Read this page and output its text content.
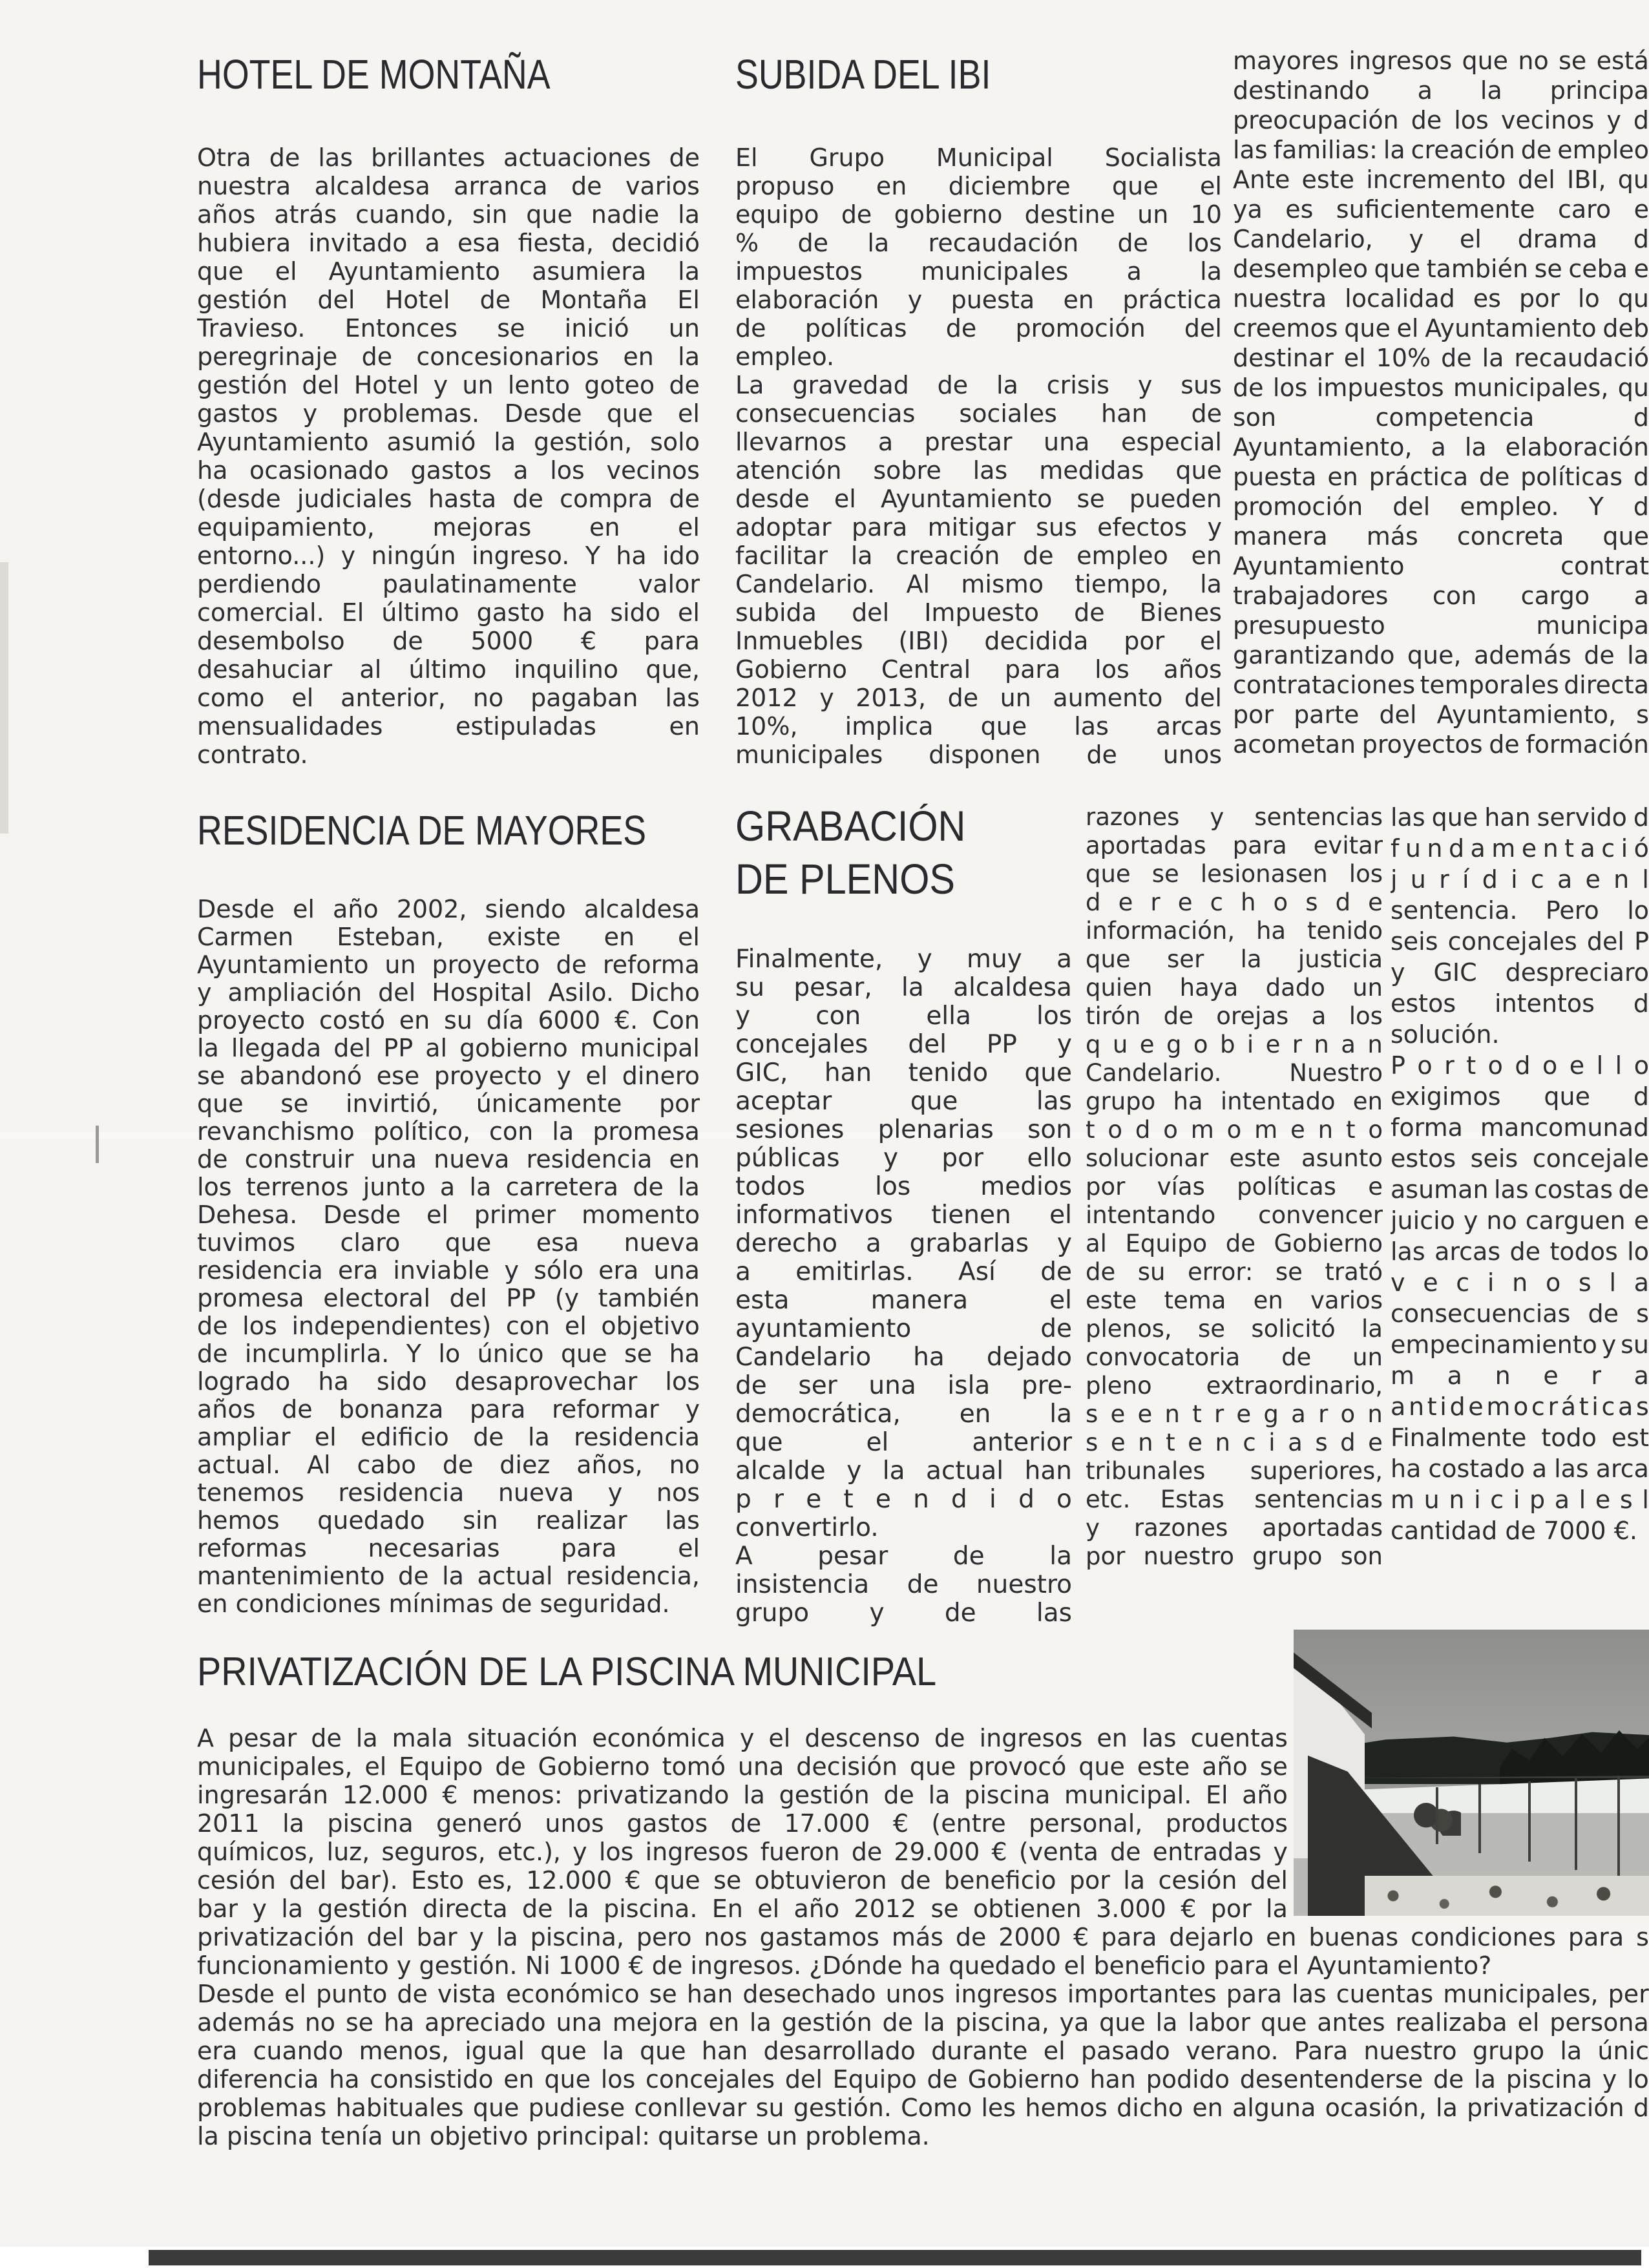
HOTEL DE MONTAÑA
Otra de las brillantes actuaciones de
nuestra alcaldesa arranca de varios
años atrás cuando, sin que nadie la
hubiera invitado a esa fiesta, decidió
que el Ayuntamiento asumiera la
gestión del Hotel de Montaña El
Travieso. Entonces se inició un
peregrinaje de concesionarios en la
gestión del Hotel y un lento goteo de
gastos y problemas. Desde que el
Ayuntamiento asumió la gestión, solo
ha ocasionado gastos a los vecinos
(desde judiciales hasta de compra de
equipamiento, mejoras en el
entorno...) y ningún ingreso. Y ha ido
perdiendo paulatinamente valor
comercial. El último gasto ha sido el
desembolso de 5000 € para
desahuciar al último inquilino que,
como el anterior, no pagaban las
mensualidades	estipuladas	en
contrato.
SUBIDA DEL IBI
El Grupo Municipal Socialista
propuso en diciembre que el
equipo de gobierno destine un 10
% de la recaudación de los
impuestos municipales a la
elaboración y puesta en práctica
de políticas de promoción del
empleo.
La gravedad de la crisis y sus
consecuencias sociales han de
llevarnos a prestar una especial
atención sobre las medidas que
desde el Ayuntamiento se pueden
adoptar para mitigar sus efectos y
facilitar la creación de empleo en
Candelario. Al mismo tiempo, la
subida del Impuesto de Bienes
Inmuebles (IBI) decidida por el
Gobierno Central para los años
2012 y 2013, de un aumento del
10%, implica que las arcas
municipales disponen de unos
mayores ingresos que no se está
destinando a la principa
preocupación de los vecinos y d
las familias: la creación de empleo
Ante este incremento del IBI, qu
ya es suficientemente caro e
Candelario, y el drama d
desempleo que también se ceba e
nuestra localidad es por lo qu
creemos que el Ayuntamiento deb
destinar el 10% de la recaudació
de los impuestos municipales, qu
son	competencia	d
Ayuntamiento, a la elaboración
puesta en práctica de políticas d
promoción del empleo. Y d
manera más concreta que
Ayuntamiento	contrat
trabajadores con cargo a
presupuesto	municipa
garantizando que, además de la
contrataciones temporales directa
por parte del Ayuntamiento, s
acometan proyectos de formación
RESIDENCIA DE MAYORES
Desde el año 2002, siendo alcaldesa
Carmen Esteban, existe en el
Ayuntamiento un proyecto de reforma
y ampliación del Hospital Asilo. Dicho
proyecto costó en su día 6000 €. Con
la llegada del PP al gobierno municipal
se abandonó ese proyecto y el dinero
que se invirtió, únicamente por
revanchismo político, con la promesa
de construir una nueva residencia en
los terrenos junto a la carretera de la
Dehesa. Desde el primer momento
tuvimos claro que esa nueva
residencia era inviable y sólo era una
promesa electoral del PP (y también
de los independientes) con el objetivo
de incumplirla. Y lo único que se ha
logrado ha sido desaprovechar los
años de bonanza para reformar y
ampliar el edificio de la residencia
actual. Al cabo de diez años, no
tenemos residencia nueva y nos
hemos quedado sin realizar las
reformas necesarias para el
mantenimiento de la actual residencia,
en condiciones mínimas de seguridad.
GRABACIÓN
DE PLENOS
Finalmente, y muy a
su pesar, la alcaldesa
y	con	ella	los
concejales del PP y
GIC, han tenido que
aceptar	que	las
sesiones plenarias son
públicas y por ello
todos	los	medios
informativos tienen el
derecho a grabarlas y
a emitirlas. Así de
esta	manera	el
ayuntamiento	de
Candelario ha dejado
de ser una isla pre-
democrática, en la
que	el	anterior
alcalde y la actual han
p r e t e n d i d o
convertirlo.
A	pesar	de	la
insistencia de nuestro
grupo y de las
razones y sentencias
aportadas para evitar
que se lesionasen los
d e r e c h o s d e
información, ha tenido
que ser la justicia
quien haya dado un
tirón de orejas a los
q u e g o b i e r n a n
Candelario.	Nuestro
grupo ha intentado en
t o d o m o m e n t o
solucionar este asunto
por vías políticas e
intentando convencer
al Equipo de Gobierno
de su error: se trató
este tema en varios
plenos, se solicitó la
convocatoria de un
pleno extraordinario,
s e e n t r e g a r o n
s e n t e n c i a s d e
tribunales superiores,
etc. Estas sentencias
y razones aportadas
por nuestro grupo son
las que han servido d
f u n d a m e n t a c i ó
j u r í d i c a e n l
sentencia. Pero lo
seis concejales del P
y GIC despreciaro
estos intentos d
solución.
P o r t o d o e l l o
exigimos que d
forma mancomunad
estos seis concejale
asuman las costas de
juicio y no carguen e
las arcas de todos lo
v e c i n o s l a
consecuencias de s
empecinamiento y su
m a n e r a
a n t i d e m o c r á t i c a s
Finalmente todo est
ha costado a las arca
m u n i c i p a l e s l
cantidad de 7000 €.
PRIVATIZACIÓN DE LA PISCINA MUNICIPAL
A pesar de la mala situación económica y el descenso de ingresos en las cuentas
municipales, el Equipo de Gobierno tomó una decisión que provocó que este año se
ingresarán 12.000 € menos: privatizando la gestión de la piscina municipal. El año
2011 la piscina generó unos gastos de 17.000 € (entre personal, productos
químicos, luz, seguros, etc.), y los ingresos fueron de 29.000 € (venta de entradas y
cesión del bar). Esto es, 12.000 € que se obtuvieron de beneficio por la cesión del
bar y la gestión directa de la piscina. En el año 2012 se obtienen 3.000 € por la
privatización del bar y la piscina, pero nos gastamos más de 2000 € para dejarlo en buenas condiciones para s
funcionamiento y gestión. Ni 1000 € de ingresos. ¿Dónde ha quedado el beneficio para el Ayuntamiento?
Desde el punto de vista económico se han desechado unos ingresos importantes para las cuentas municipales, per
además no se ha apreciado una mejora en la gestión de la piscina, ya que la labor que antes realizaba el persona
era cuando menos, igual que la que han desarrollado durante el pasado verano. Para nuestro grupo la únic
diferencia ha consistido en que los concejales del Equipo de Gobierno han podido desentenderse de la piscina y lo
problemas habituales que pudiese conllevar su gestión. Como les hemos dicho en alguna ocasión, la privatización d
la piscina tenía un objetivo principal: quitarse un problema.
